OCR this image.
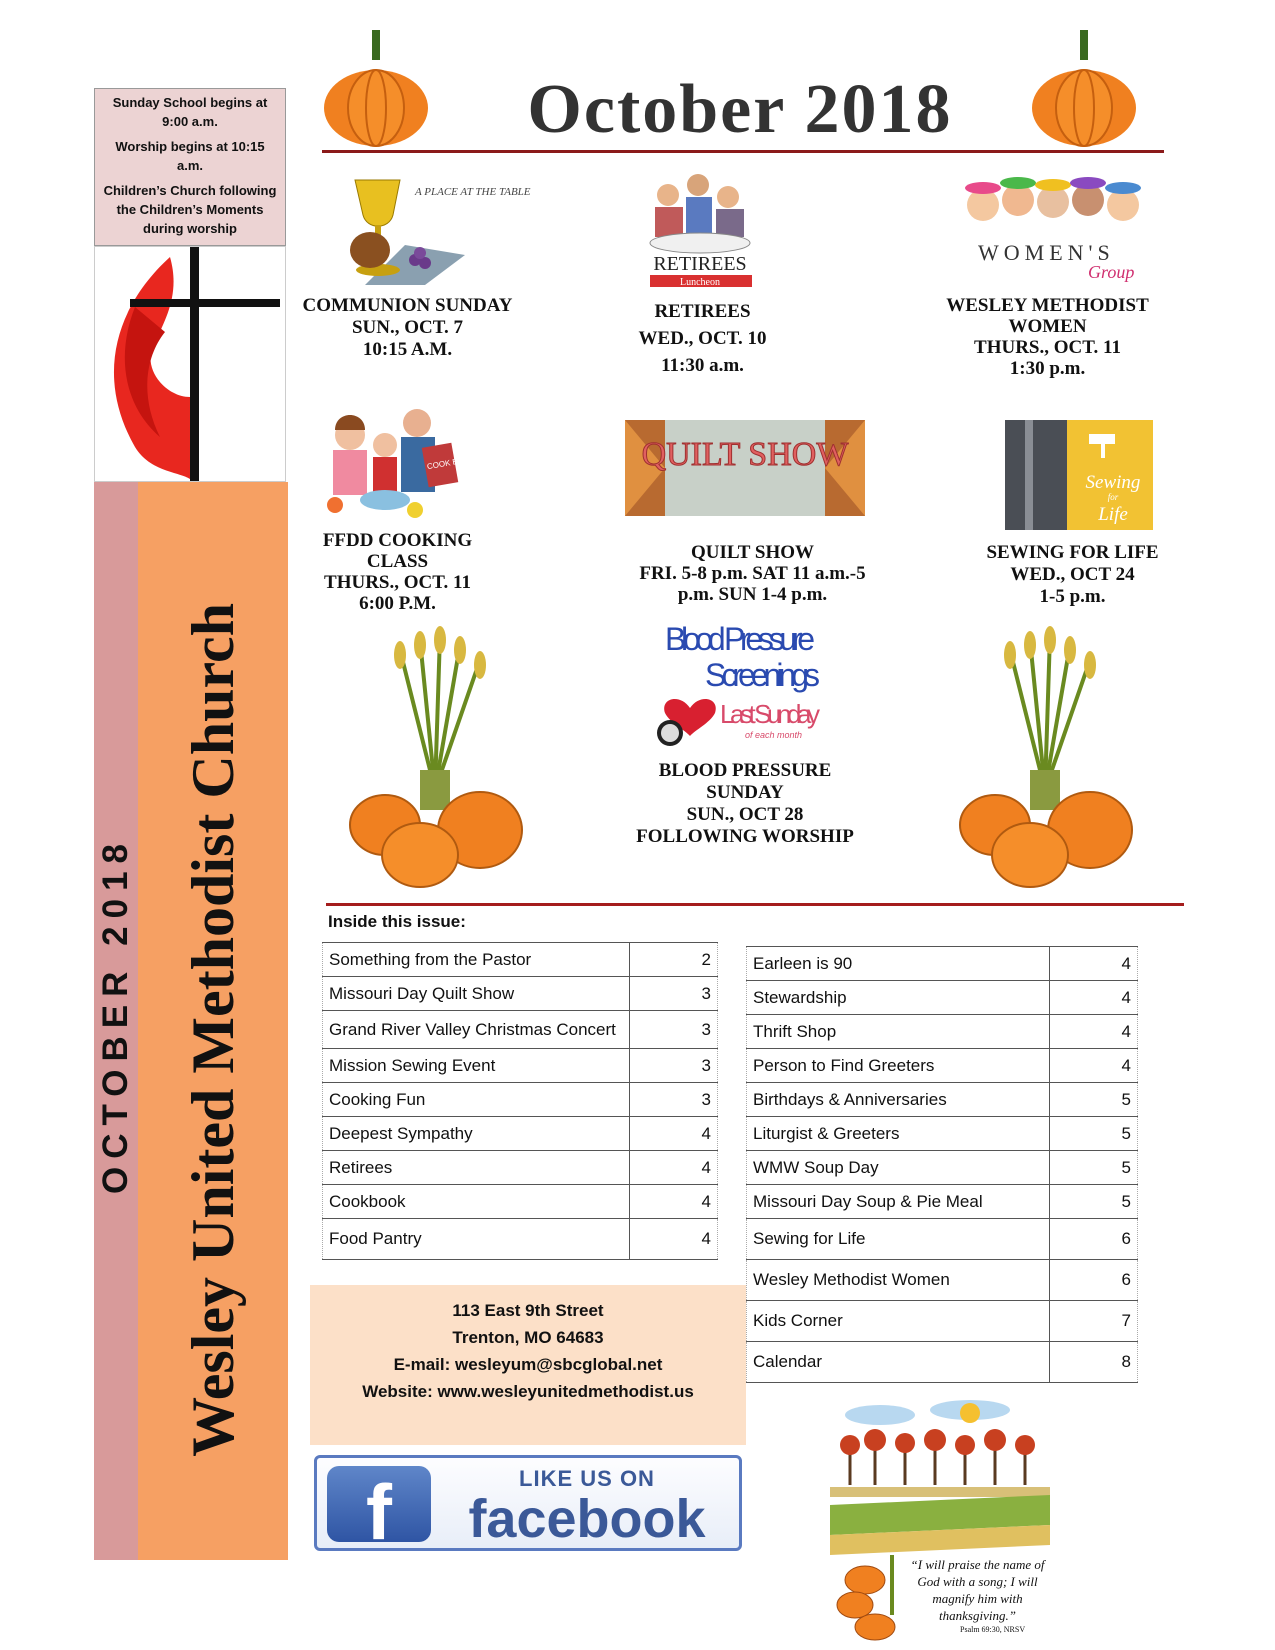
Sunday School begins at 9:00 a.m.
Worship begins at 10:15 a.m.
Children’s Church following the Children’s Moments during worship
OCTOBER 2018 Wesley United Methodist Church
October 2018
A PLACE AT THE TABLE
COMMUNION SUNDAY
SUN., OCT. 7
10:15 A.M.
RETIREES
Luncheon
RETIREES
WED., OCT. 10
11:30 a.m.
WOMEN'S
Group
WESLEY METHODIST
WOMEN
THURS., OCT. 11
1:30 p.m.
COOK BOOK
FFDD COOKING
CLASS
THURS., OCT. 11
6:00 P.M.
QUILT SHOW
QUILT SHOW
FRI. 5-8 p.m. SAT 11 a.m.-5
p.m. SUN 1-4 p.m.
Sewing
for
Life
SEWING FOR LIFE
WED., OCT 24
1-5 p.m.
Blood Pressure
Screenings
Last Sunday
of each month
BLOOD PRESSURE
SUNDAY
SUN., OCT 28
FOLLOWING WORSHIP
Inside this issue:
Something from the Pastor	2
Missouri Day Quilt Show	3
Grand River Valley Christmas Concert	3
Mission Sewing Event	3
Cooking Fun	3
Deepest Sympathy	4
Retirees	4
Cookbook	4
Food Pantry	4
Earleen is 90	4
Stewardship	4
Thrift Shop	4
Person to Find Greeters	4
Birthdays & Anniversaries	5
Liturgist & Greeters	5
WMW Soup Day	5
Missouri Day Soup & Pie Meal	5
Sewing for Life	6
Wesley Methodist Women	6
Kids Corner	7
Calendar	8
113 East 9th Street
Trenton, MO 64683
E-mail: wesleyum@sbcglobal.net
Website: www.wesleyunitedmethodist.us
f	LIKE US ON
facebook
“I will praise the name of God with a song; I will magnify him with thanksgiving.”
Psalm 69:30, NRSV
